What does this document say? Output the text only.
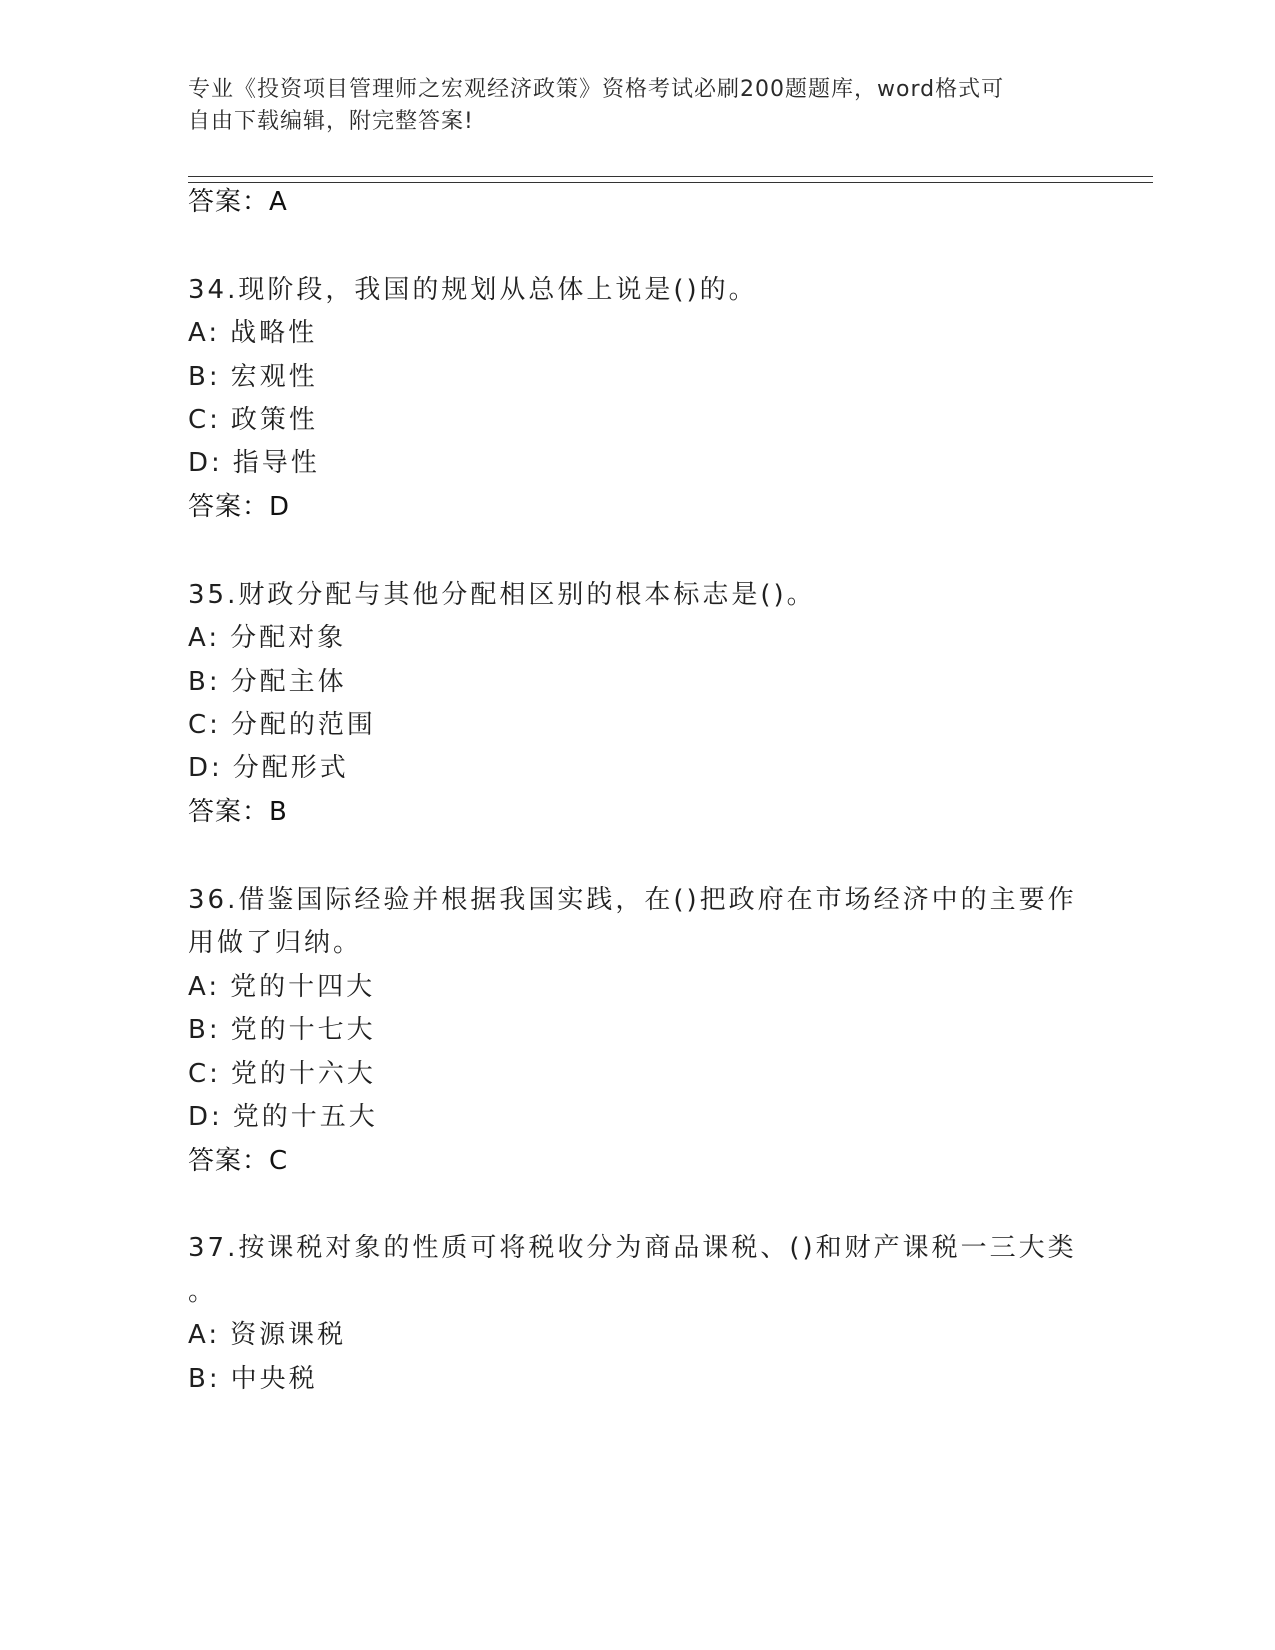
专业《投资项目管理师之宏观经济政策》资格考试必刷200题题库，word格式可
自由下载编辑，附完整答案!
答案：A
34.现阶段，我国的规划从总体上说是()的。
A: 战略性
B: 宏观性
C: 政策性
D: 指导性
答案：D
35.财政分配与其他分配相区别的根本标志是()。
A: 分配对象
B: 分配主体
C: 分配的范围
D: 分配形式
答案：B
36.借鉴国际经验并根据我国实践，在()把政府在市场经济中的主要作
用做了归纳。
A: 党的十四大
B: 党的十七大
C: 党的十六大
D: 党的十五大
答案：C
37.按课税对象的性质可将税收分为商品课税、()和财产课税一三大类
。
A: 资源课税
B: 中央税
